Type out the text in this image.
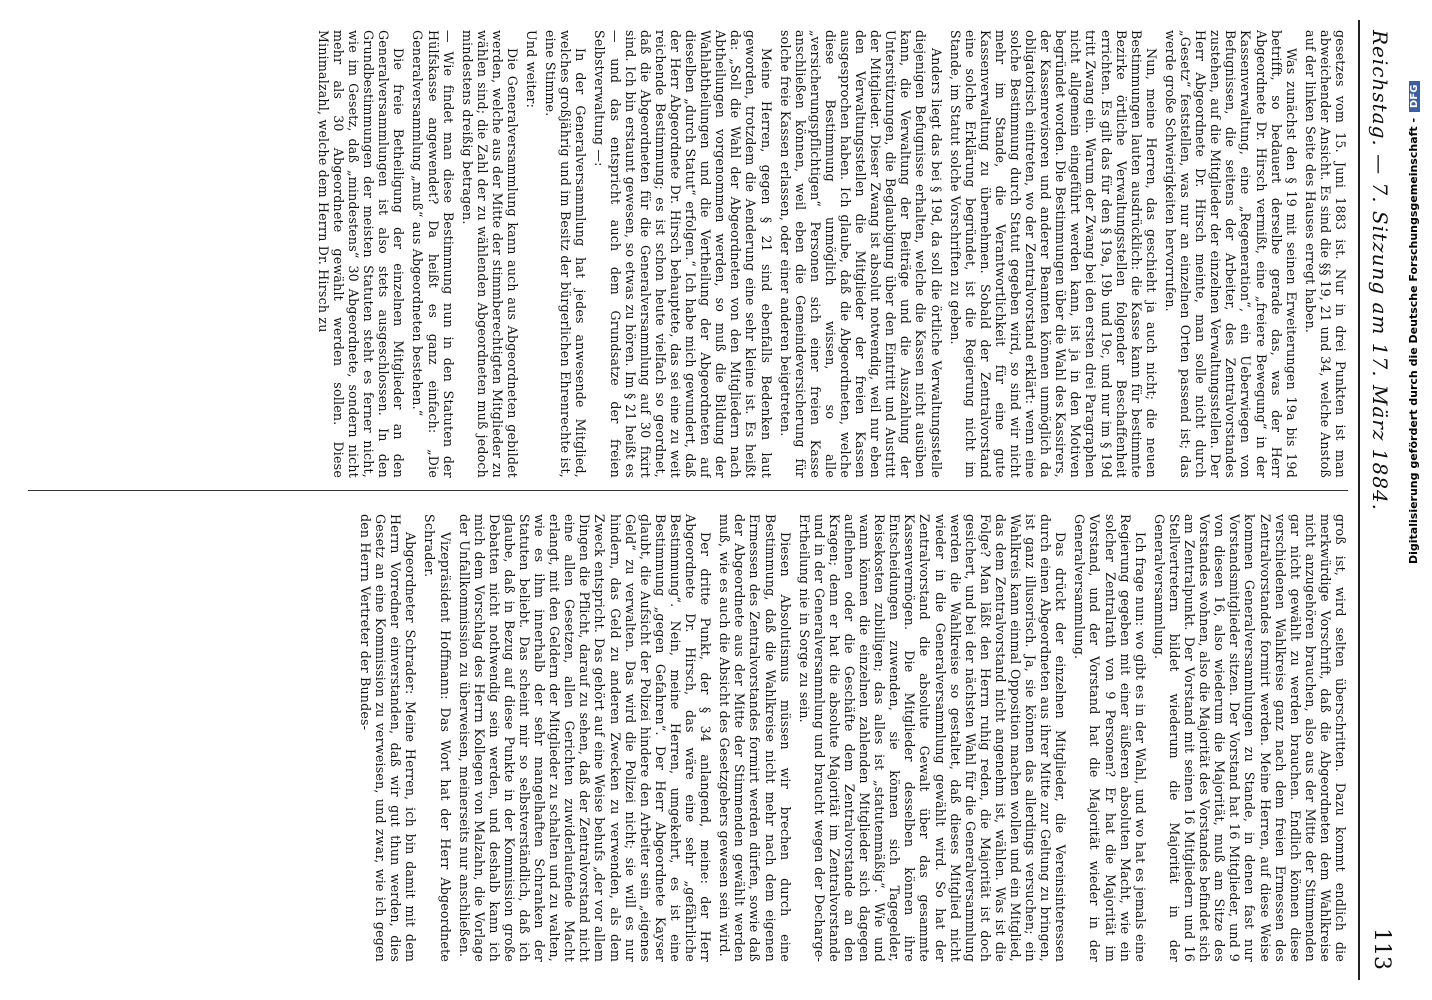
Reichstag. — 7. Sitzung am 17. März 1884.
113

gesetzes vom 15. Juni 1883 ist. Nur in drei Punkten ist man abweichender Ansicht. Es sind die §§ 19, 21 und 34, welche Anstoß auf der linken Seite des Hauses erregt haben.

Was zunächst den § 19 mit seinen Erweiterungen 19a bis 19d betrifft, so bedauert derselbe gerade das, was der Herr Abgeordnete Dr. Hirsch vermißt, eine „freiere Bewegung“ in der Kassenverwaltung, eine „Regeneration“, ein Ueberwiegen von Befugnissen, die seitens der Arbeiter, des Zentralvorstandes zustehen, auf die Mitglieder der einzelnen Verwaltungsstellen. Der Herr Abgeordnete Dr. Hirsch meinte, man solle nicht durch „Gesetz“ feststellen, was nur an einzelnen Orten passend ist; das werde große Schwierigkeiten hervorrufen.

Nun, meine Herren, das geschieht ja auch nicht; die neuen Bestimmungen lauten ausdrücklich: die Kasse kann für bestimmte Bezirke örtliche Verwaltungsstellen folgender Beschaffenheit errichten. Es gilt das für den § 19a, 19b und 19c, und nur im § 19d tritt Zwang ein. Warum der Zwang bei den ersten drei Paragraphen nicht allgemein eingeführt werden kann, ist ja in den Motiven begründet worden. Die Bestimmungen über die Wahl des Kassirers, der Kassenrevisoren und anderer Beamten können unmöglich da obligatorisch eintreten, wo der Zentralvorstand erklärt: wenn eine solche Bestimmung durch Statut gegeben wird, so sind wir nicht mehr im Stande, die Verantwortlichkeit für eine gute Kassenverwaltung zu übernehmen. Sobald der Zentralvorstand eine solche Erklärung begründet, ist die Regierung nicht im Stande, im Statut solche Vorschriften zu geben.

Anders liegt das bei § 19d, da soll die örtliche Verwaltungsstelle diejenigen Befugnisse erhalten, welche die Kassen nicht ausüben kann, die Verwaltung der Beiträge und die Auszahlung der Unterstützungen, die Beglaubigung über den Eintritt und Austritt der Mitglieder. Dieser Zwang ist absolut notwendig, weil nur eben den Verwaltungsstellen die Mitglieder der freien Kassen ausgesprochen haben. Ich glaube, daß die Abgeordneten, welche diese Bestimmung unmöglich wissen, so alle „versicherungspflichtigen“ Personen sich einer freien Kasse anschließen können, weil eben die Gemeindeversicherung für solche freie Kassen erlassen, oder einer anderen beigetreten.

Meine Herren, gegen § 21 sind ebenfalls Bedenken laut geworden, trotzdem die Aenderung eine sehr kleine ist. Es heißt da: „Soll die Wahl der Abgeordneten von den Mitgliedern nach Abtheilungen vorgenommen werden, so muß die Bildung der Wahlabtheilungen und die Vertheilung der Abgeordneten auf dieselben „durch Statut“ erfolgen.“ Ich habe mich gewundert, daß der Herr Abgeordnete Dr. Hirsch behauptete, das sei eine zu weit reichende Bestimmung; es ist schon heute vielfach so geordnet, daß die Abgeordneten für die Generalversammlung auf 30 fixirt sind. Ich bin erstaunt gewesen, so etwas zu hören. Im § 21 heißt es — und das entspricht auch dem Grundsatze der freien Selbstverwaltung —:

In der Generalversammlung hat jedes anwesende Mitglied, welches großjährig und im Besitz der bürgerlichen Ehrenrechte ist, eine Stimme.

Und weiter:

Die Generalversammlung kann auch aus Abgeordneten gebildet werden, welche aus der Mitte der stimmberechtigten Mitglieder zu wählen sind; die Zahl der zu wählenden Abgeordneten muß jedoch mindestens dreißig betragen.

— Wie findet man diese Bestimmung nun in den Statuten der Hülfskasse angewendet? Da heißt es ganz einfach: „Die Generalversammlung „muß“ aus Abgeordneten bestehen.“

Die freie Betheiligung der einzelnen Mitglieder an den Generalversammlungen ist also stets ausgeschlossen. In den Grundbestimmungen der meisten Statuten steht es ferner nicht, wie im Gesetz, daß „mindestens“ 30 Abgeordnete, sondern nicht mehr als 30 Abgeordnete gewählt werden sollen. Diese Minimalzahl, welche dem Herrn Dr. Hirsch zu

groß ist, wird selten überschritten. Dazu kommt endlich die merkwürdige Vorschrift, daß die Abgeordneten dem Wahlkreise nicht anzugehören brauchen, also aus der Mitte der Stimmenden gar nicht gewählt zu werden brauchen. Endlich können diese verschiedenen Wahlkreise ganz nach dem freien Ermessen des Zentralvorstandes formirt werden. Meine Herren, auf diese Weise kommen Generalversammlungen zu Stande, in denen fast nur Vorstandsmitglieder sitzen. Der Vorstand hat 16 Mitglieder, und 9 von diesen 16, also wiederum die Majorität, muß am Sitze des Vorstandes wohnen, also die Majorität des Vorstandes befindet sich am Zentralpunkt. Der Vorstand mit seinen 16 Mitgliedern und 16 Stellvertretern bildet wiederum die Majorität in der Generalversammlung.

Ich frage nun: wo gibt es in der Wahl, und wo hat es jemals eine Regierung gegeben mit einer äußeren absoluten Macht, wie ein solcher Zentralrath von 9 Personen? Er hat die Majorität im Vorstand, und der Vorstand hat die Majorität wieder in der Generalversammlung.

Das drückt der einzelnen Mitglieder, die Vereinsinteressen durch einen Abgeordneten aus ihrer Mitte zur Geltung zu bringen, ist ganz illusorisch. Ja, sie können das allerdings versuchen; ein Wahlkreis kann einmal Opposition machen wollen und ein Mitglied, das dem Zentralvorstand nicht angenehm ist, wählen. Was ist die Folge? Man läßt den Herrn ruhig reden, die Majorität ist doch gesichert, und bei der nächsten Wahl für die Generalversammlung werden die Wahlkreise so gestaltet, daß dieses Mitglied nicht wieder in die Generalversammlung gewählt wird. So hat der Zentralvorstand die absolute Gewalt über das gesammte Kassenvermögen. Die Mitglieder desselben können ihre Entscheidungen zuwenden, sie können sich Tagegelder, Reisekosten zubilligen; das alles ist „statutenmäßig“. Wie und wann können die einzelnen zahlenden Mitglieder sich dagegen auflehnen oder die Geschäfte dem Zentralvorstande an den Kragen; denn er hat die absolute Majorität im Zentralvorstande und in der Generalversammlung und braucht wegen der Decharge-Ertheilung nie in Sorge zu sein.

Diesen Absolutismus müssen wir brechen durch eine Bestimmung, daß die Wahlkreise nicht mehr nach dem eigenen Ermessen des Zentralvorstandes formirt werden dürfen, sowie daß der Abgeordnete aus der Mitte der Stimmenden gewählt werden muß, wie es auch die Absicht des Gesetzgebers gewesen sein wird.

Der dritte Punkt, der § 34 anlangend, meine: der Herr Abgeordnete Dr. Hirsch, das wäre eine sehr „gefährliche Bestimmung“. Nein, meine Herren, umgekehrt, es ist eine Bestimmung „gegen Gefahren“. Der Herr Abgeordnete Kayser glaubt, die Aufsicht der Polizei hindere den Arbeiter sein „eigenes Geld“ zu verwalten. Das wird die Polizei nicht; sie will es nur hindern, das Geld zu anderen Zwecken zu verwenden, als dem Zweck entspricht. Das gehört auf eine Weise behufs „der vor allem Dingen die Pflicht, darauf zu sehen, daß der Zentralvorstand nicht eine allen Gesetzen, allen Gerichten zuwiderlaufende Macht erlangt, mit den Geldern der Mitglieder zu schalten und zu walten, wie es ihm innerhalb der sehr mangelhaften Schranken der Statuten beliebt. Das scheint mir so selbstverständlich, daß ich glaube, daß in Bezug auf diese Punkte in der Kommission große Debatten nicht nothwendig sein werden, und deshalb kann ich mich dem Vorschlag des Herrn Kollegen von Malzahn, die Vorlage der Unfallkommission zu überweisen, meinerseits nur anschließen.

Vizepräsident Hoffmann: Das Wort hat der Herr Abgeordnete Schrader.

Abgeordneter Schrader: Meine Herren, ich bin damit mit dem Herrn Vorredner einverstanden, daß wir gut thun werden, dies Gesetz an eine Kommission zu verweisen, und zwar, wie ich gegen den Herrn Vertreter der Bundes-

Digitalisierung gefördert durch die Deutsche Forschungsgemeinschaft -DFG
